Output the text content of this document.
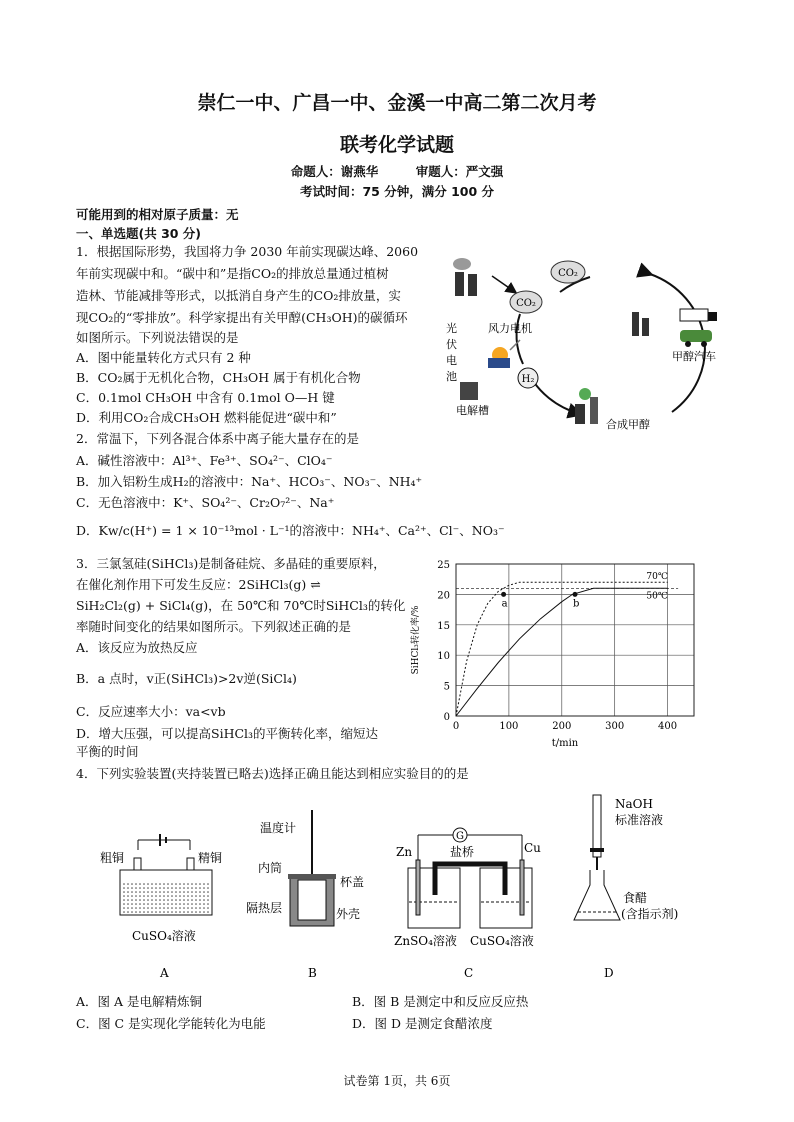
崇仁一中、广昌一中、金溪一中高二第二次月考
联考化学试题
命题人：谢燕华　　　审题人：严文强
考试时间：75 分钟，满分 100 分
可能用到的相对原子质量：无
一、单选题(共 30 分)
1．根据国际形势，我国将力争 2030 年前实现碳达峰、2060
年前实现碳中和。“碳中和”是指CO₂的排放总量通过植树
造林、节能减排等形式，以抵消自身产生的CO₂排放量，实
现CO₂的“零排放”。科学家提出有关甲醇(CH₃OH)的碳循环
如图所示。下列说法错误的是
A．图中能量转化方式只有 2 种
B．CO₂属于无机化合物，CH₃OH 属于有机化合物
C．0.1mol CH₃OH 中含有 0.1mol O—H 键
D．利用CO₂合成CH₃OH 燃料能促进“碳中和”
CO₂
CO₂
H₂
风力电机
光
伏
电
池
电解槽
合成甲醇
甲醇汽车
2．常温下，下列各混合体系中离子能大量存在的是
A．碱性溶液中：Al³⁺、Fe³⁺、SO₄²⁻、ClO₄⁻
B．加入铝粉生成H₂的溶液中：Na⁺、HCO₃⁻、NO₃⁻、NH₄⁺
C．无色溶液中：K⁺、SO₄²⁻、Cr₂O₇²⁻、Na⁺
D．Kw/c(H⁺) = 1 × 10⁻¹³mol · L⁻¹的溶液中：NH₄⁺、Ca²⁺、Cl⁻、NO₃⁻
3．三氯氢硅(SiHCl₃)是制备硅烷、多晶硅的重要原料，
在催化剂作用下可发生反应：2SiHCl₃(g) ⇌
SiH₂Cl₂(g) + SiCl₄(g)，在 50℃和 70℃时SiHCl₃的转化
率随时间变化的结果如图所示。下列叙述正确的是
A．该反应为放热反应
B．a 点时，v正(SiHCl₃)>2v逆(SiCl₄)
C．反应速率大小：va<vb
D．增大压强，可以提高SiHCl₃的平衡转化率，缩短达
平衡的时间
0
5
10
15
20
25
0	100	200	300	400
t/min
SiHCl₃转化率/%
70℃
50℃
a	b
4．下列实验装置(夹持装置已略去)选择正确且能达到相应实验目的的是
粗铜	精铜
CuSO₄溶液
A
温度计
内筒
杯盖
隔热层	外壳
B
G
盐桥
Zn	Cu
ZnSO₄溶液 CuSO₄溶液
C
NaOH
标准溶液
食醋
(含指示剂)
D
A．图 A 是电解精炼铜	B．图 B 是测定中和反应反应热
C．图 C 是实现化学能转化为电能	D．图 D 是测定食醋浓度
试卷第 1页，共 6页
